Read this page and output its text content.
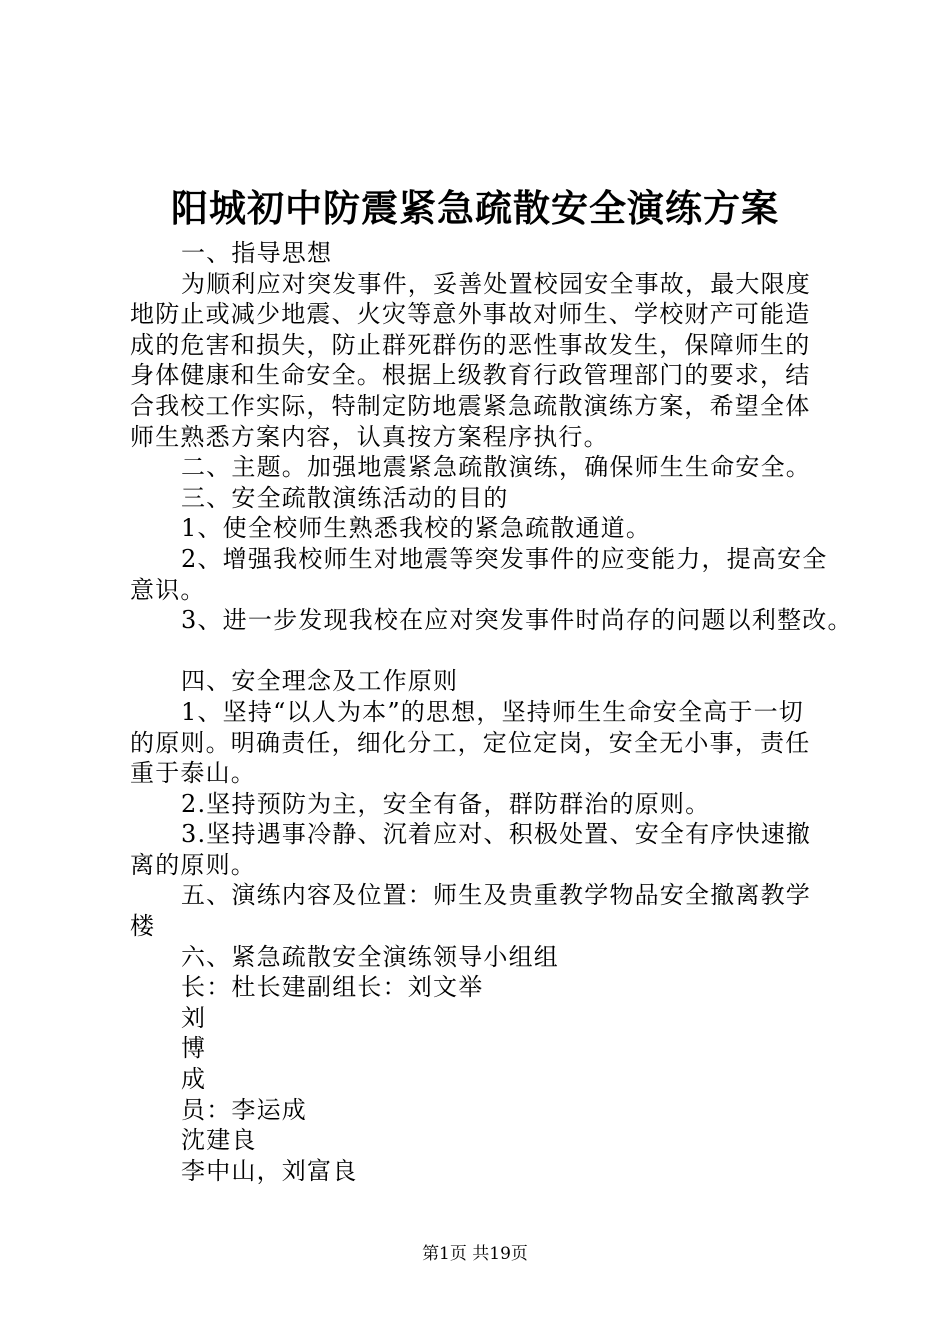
阳城初中防震紧急疏散安全演练方案
一、指导思想
为顺利应对突发事件，妥善处置校园安全事故，最大限度
地防止或减少地震、火灾等意外事故对师生、学校财产可能造
成的危害和损失，防止群死群伤的恶性事故发生，保障师生的
身体健康和生命安全。根据上级教育行政管理部门的要求，结
合我校工作实际，特制定防地震紧急疏散演练方案，希望全体
师生熟悉方案内容，认真按方案程序执行。
二、主题。加强地震紧急疏散演练，确保师生生命安全。
三、安全疏散演练活动的目的
1、使全校师生熟悉我校的紧急疏散通道。
2、增强我校师生对地震等突发事件的应变能力，提高安全
意识。
3、进一步发现我校在应对突发事件时尚存的问题以利整改。
四、安全理念及工作原则
1、坚持“以人为本”的思想，坚持师生生命安全高于一切
的原则。明确责任，细化分工，定位定岗，安全无小事，责任
重于泰山。
2.坚持预防为主，安全有备，群防群治的原则。
3.坚持遇事冷静、沉着应对、积极处置、安全有序快速撤
离的原则。
五、演练内容及位置：师生及贵重教学物品安全撤离教学
楼
六、紧急疏散安全演练领导小组组
长：杜长建副组长：刘文举
刘
博
成
员：李运成
沈建良
李中山，刘富良
第1页 共19页
